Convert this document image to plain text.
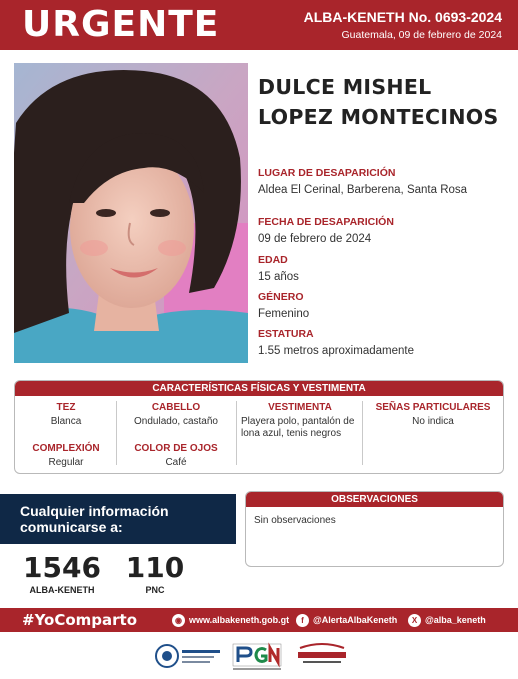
URGENTE	ALBA-KENETH No. 0693-2024
Guatemala, 09 de febrero de 2024
DULCE MISHEL
LOPEZ MONTECINOS
LUGAR DE DESAPARICIÓN
Aldea El Cerinal, Barberena, Santa Rosa
FECHA DE DESAPARICIÓN
09 de febrero de 2024
EDAD
15 años
GÉNERO
Femenino
ESTATURA
1.55 metros aproximadamente
CARACTERÍSTICAS FÍSICAS Y VESTIMENTA
TEZ
Blanca
CABELLO
Ondulado, castaño
VESTIMENTA
Playera polo, pantalón de lona azul, tenis negros
SEÑAS PARTICULARES
No indica
COMPLEXIÓN
Regular
COLOR DE OJOS
Café
Cualquier información
comunicarse a:
1546
ALBA-KENETH
110
PNC
OBSERVACIONES
Sin observaciones
#YoComparto	◉ www.albakeneth.gob.gt	f	@AlertaAlbaKeneth	X @alba_keneth
